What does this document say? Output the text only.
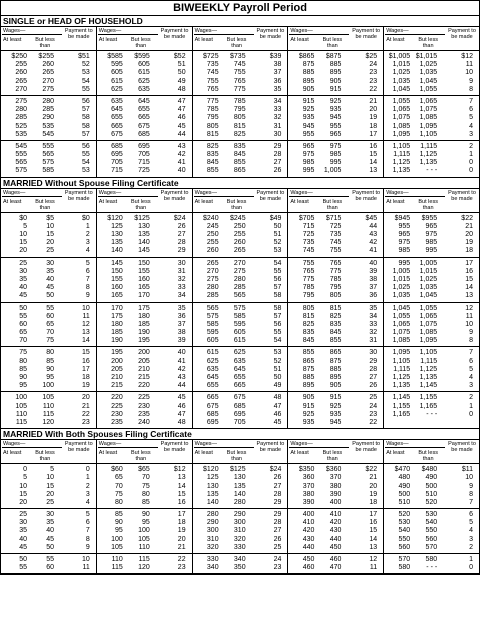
BIWEEKLY Payroll Period
SINGLE or HEAD OF HOUSEHOLD
Wages—	Payment to be made
At least	But less than
$250	$255	$51
255	260	52
260	265	53
265	270	54
270	275	55
275	280	56
280	285	57
285	290	58
525	535	58
535	545	57
545	555	56
555	565	55
565	575	54
575	585	53
Wages—	Payment to be made
At least	But less than
$585	$595	$52
595	605	51
605	615	50
615	625	49
625	635	48
635	645	47
645	655	47
655	665	46
665	675	45
675	685	44
685	695	43
695	705	42
705	715	41
715	725	40
Wages—	Payment to be made
At least	But less than
$725	$735	$39
735	745	38
745	755	37
755	765	36
765	775	35
775	785	34
785	795	33
795	805	32
805	815	31
815	825	30
825	835	29
835	845	28
845	855	27
855	865	26
Wages—	Payment to be made
At least	But less than
$865	$875	$25
875	885	24
885	895	23
895	905	23
905	915	22
915	925	21
925	935	20
935	945	19
945	955	18
955	965	17
965	975	16
975	985	15
985	995	14
995	1,005	13
Wages—	Payment to be made
At least	But less than
$1,005 $1,015	$12
1,015	1,025	11
1,025	1,035	10
1,035	1,045	9
1,045	1,055	8
1,055	1,065	7
1,065	1,075	6
1,075	1,085	5
1,085	1,095	4
1,095	1,105	3
1,105	1,115	2
1,115	1,125	1
1,125	1,135	0
1,135	- - -	0
MARRIED Without Spouse Filing Certificate
Wages—	Payment to be made
At least	But less than
$0	$5	$0
5	10	1
10	15	2
15	20	3
20	25	4
25	30	5
30	35	6
35	40	7
40	45	8
45	50	9
50	55	10
55	60	11
60	65	12
65	70	13
70	75	14
75	80	15
80	85	16
85	90	17
90	95	18
95	100	19
100	105	20
105	110	21
110	115	22
115	120	23
Wages—	Payment to be made
At least	But less than
$120	$125	$24
125	130	26
130	135	27
135	140	28
140	145	29
145	150	30
150	155	31
155	160	32
160	165	33
165	170	34
170	175	35
175	180	36
180	185	37
185	190	38
190	195	39
195	200	40
200	205	41
205	210	42
210	215	43
215	220	44
220	225	45
225	230	46
230	235	47
235	240	48
Wages—	Payment to be made
At least	But less than
$240	$245	$49
245	250	50
250	255	51
255	260	52
260	265	53
265	270	54
270	275	55
275	280	56
280	285	57
285	565	58
565	575	58
575	585	57
585	595	56
595	605	55
605	615	54
615	625	53
625	635	52
635	645	51
645	655	50
655	665	49
665	675	48
675	685	47
685	695	46
695	705	45
Wages—	Payment to be made
At least	But less than
$705	$715	$45
715	725	44
725	735	43
735	745	42
745	755	41
755	765	40
765	775	39
775	785	38
785	795	37
795	805	36
805	815	35
815	825	34
825	835	33
835	845	32
845	855	31
855	865	30
865	875	29
875	885	28
885	895	27
895	905	26
905	915	25
915	925	24
925	935	23
935	945	22
Wages—	Payment to be made
At least	But less than
$945	$955	$22
955	965	21
965	975	20
975	985	19
985	995	18
995	1,005	17
1,005	1,015	16
1,015	1,025	15
1,025	1,035	14
1,035	1,045	13
1,045	1,055	12
1,055	1,065	11
1,065	1,075	10
1,075	1,085	9
1,085	1,095	8
1,095	1,105	7
1,105	1,115	6
1,115	1,125	5
1,125	1,135	4
1,135	1,145	3
1,145	1,155	2
1,155	1,165	1
1,165	- - -	0
MARRIED With Both Spouses Filing Certificate
Wages—	Payment to be made
At least	But less than
0	5	0
5	10	1
10	15	2
15	20	3
20	25	4
25	30	5
30	35	6
35	40	7
40	45	8
45	50	9
50	55	10
55	60	11
Wages—	Payment to be made
At least	But less than
$60	$65	$12
65	70	13
70	75	14
75	80	15
80	85	16
85	90	17
90	95	18
95	100	19
100	105	20
105	110	21
110	115	22
115	120	23
Wages—	Payment to be made
At least	But less than
$120	$125	$24
125	130	26
130	135	27
135	140	28
140	280	29
280	290	29
290	300	28
300	310	27
310	320	26
320	330	25
330	340	24
340	350	23
Wages—	Payment to be made
At least	But less than
$350	$360	$22
360	370	21
370	380	20
380	390	19
390	400	18
400	410	17
410	420	16
420	430	15
430	440	14
440	450	13
450	460	12
460	470	11
Wages—	Payment to be made
At least	But less than
$470	$480	$11
480	490	10
490	500	9
500	510	8
510	520	7
520	530	6
530	540	5
540	550	4
550	560	3
560	570	2
570	580	1
580	- - -	0
